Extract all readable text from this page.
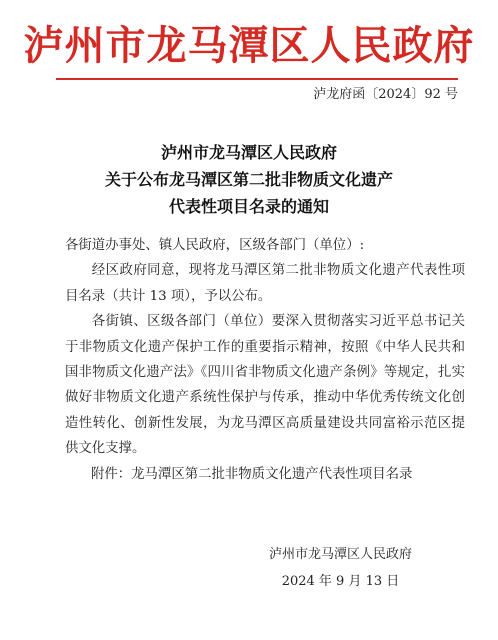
泸州市龙马潭区人民政府
泸龙府函〔2024〕92 号
泸州市龙马潭区人民政府
关于公布龙马潭区第二批非物质文化遗产
代表性项目名录的通知

各街道办事处、镇人民政府，区级各部门（单位）:

经区政府同意，现将龙马潭区第二批非物质文化遗产代表性项目名录（共计 13 项），予以公布。

各街镇、区级各部门（单位）要深入贯彻落实习近平总书记关于非物质文化遗产保护工作的重要指示精神，按照《中华人民共和国非物质文化遗产法》《四川省非物质文化遗产条例》等规定，扎实做好非物质文化遗产系统性保护与传承，推动中华优秀传统文化创造性转化、创新性发展，为龙马潭区高质量建设共同富裕示范区提供文化支撑。

附件：龙马潭区第二批非物质文化遗产代表性项目名录

泸州市龙马潭区人民政府
2024 年 9 月 13 日
